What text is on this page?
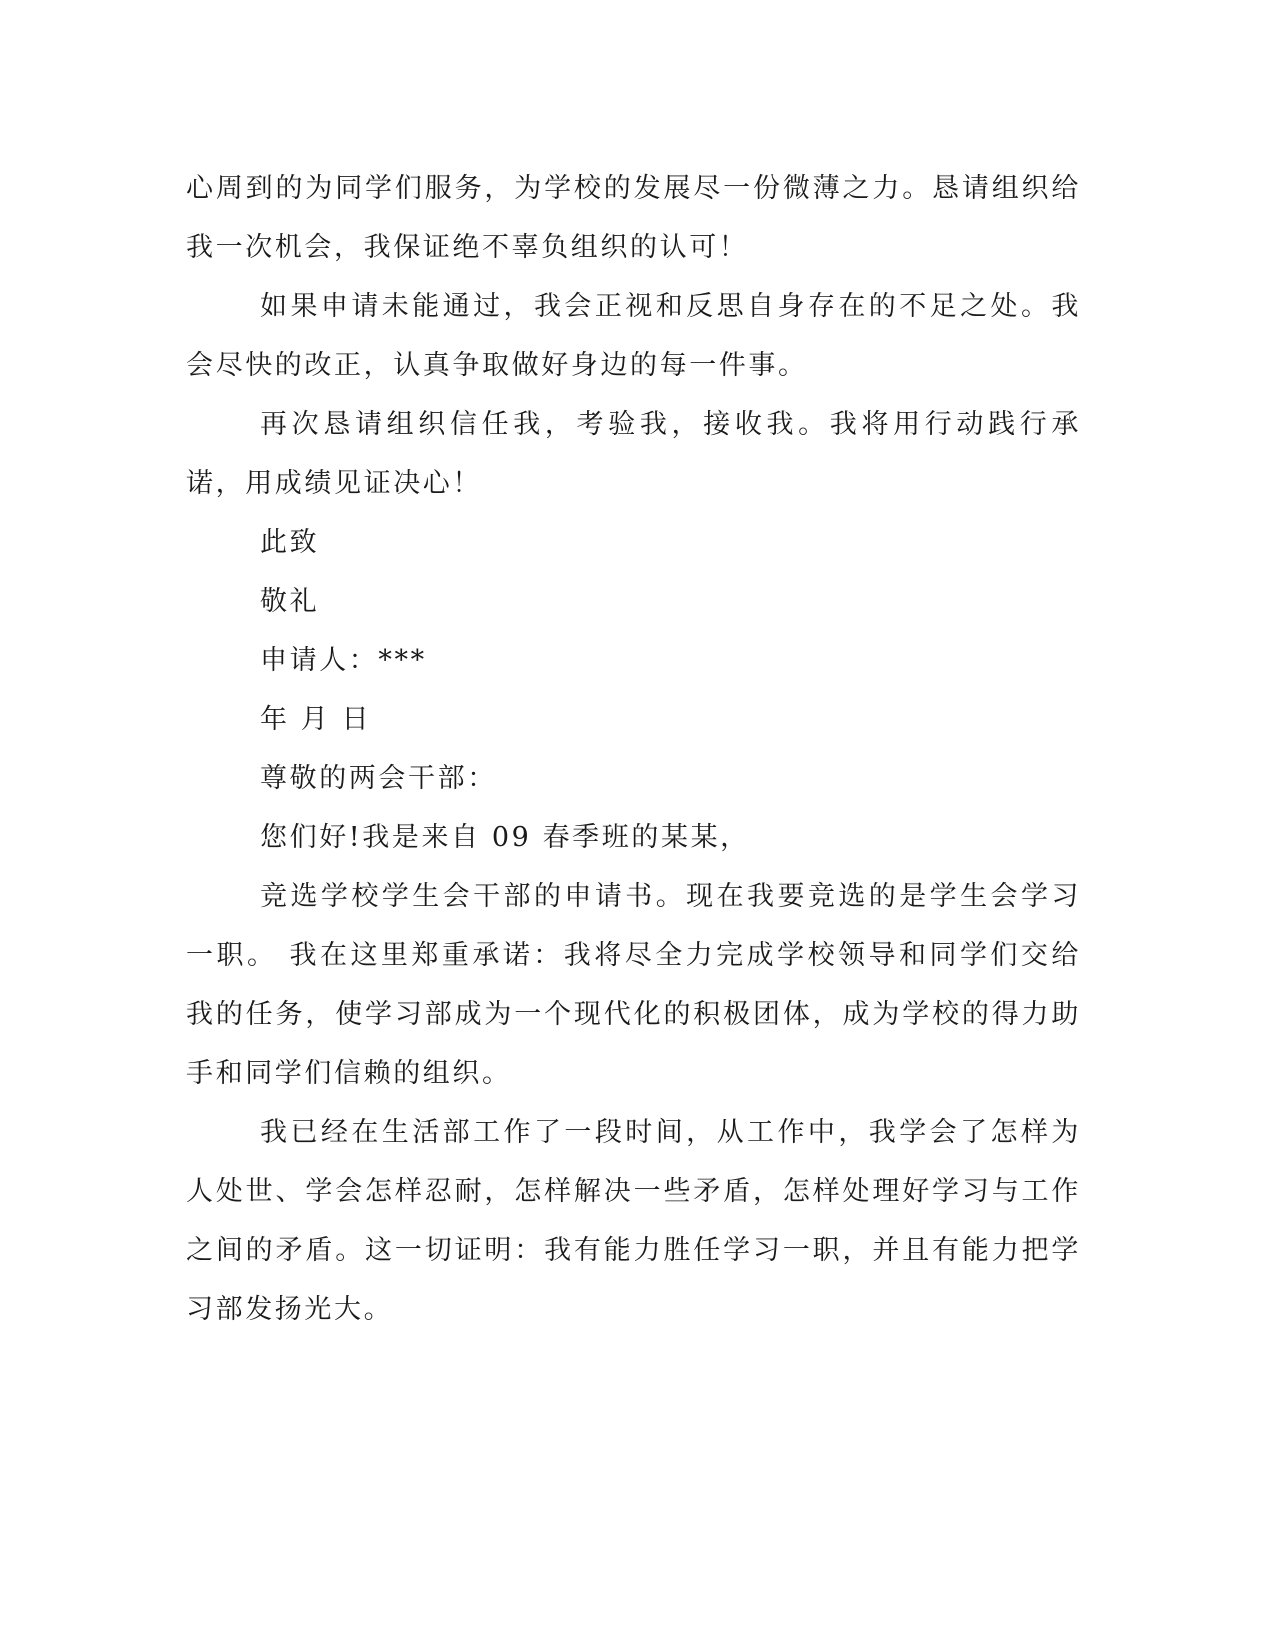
心周到的为同学们服务，为学校的发展尽一份微薄之力。恳请组织给我一次机会，我保证绝不辜负组织的认可！

如果申请未能通过，我会正视和反思自身存在的不足之处。我会尽快的改正，认真争取做好身边的每一件事。

再次恳请组织信任我，考验我，接收我。我将用行动践行承诺，用成绩见证决心！

此致

敬礼

申请人：***

年 月 日

尊敬的两会干部：

您们好!我是来自 09 春季班的某某，

竞选学校学生会干部的申请书。现在我要竞选的是学生会学习一职。 我在这里郑重承诺：我将尽全力完成学校领导和同学们交给我的任务，使学习部成为一个现代化的积极团体，成为学校的得力助手和同学们信赖的组织。

我已经在生活部工作了一段时间，从工作中，我学会了怎样为人处世、学会怎样忍耐，怎样解决一些矛盾，怎样处理好学习与工作之间的矛盾。这一切证明：我有能力胜任学习一职，并且有能力把学习部发扬光大。
